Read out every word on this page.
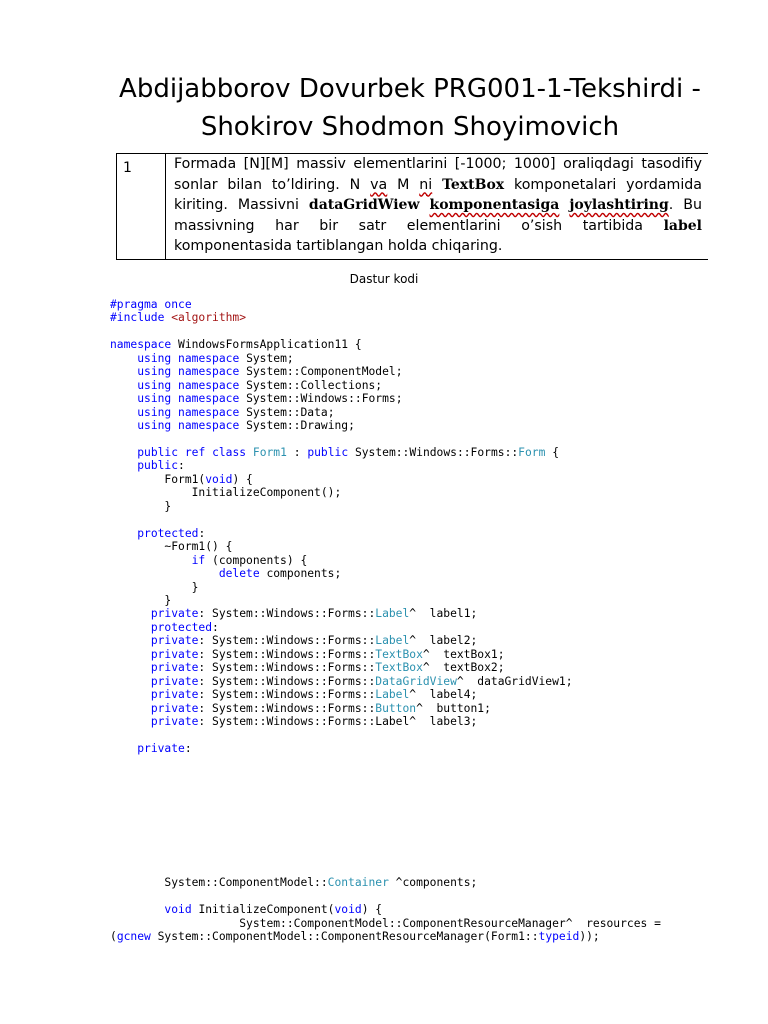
Abdijabborov Dovurbek PRG001-1-Tekshirdi -
Shokirov Shodmon Shoyimovich
1	Formada [N][M] massiv elementlarini [-1000; 1000] oraliqdagi tasodifiy sonlar bilan to’ldiring. N va M ni TextBox komponetalari yordamida kiriting. Massivni dataGridWiew komponentasiga joylashtiring. Bu massivning har bir satr elementlarini o’sish tartibida label komponentasida tartiblangan holda chiqaring.
Dastur kodi
#pragma once
#include <algorithm>

namespace WindowsFormsApplication11 {
using namespace System;
using namespace System::ComponentModel;
using namespace System::Collections;
using namespace System::Windows::Forms;
using namespace System::Data;
using namespace System::Drawing;

public ref class Form1 : public System::Windows::Forms::Form {
public:
Form1(void) {
InitializeComponent();
}

protected:
~Form1() {
if (components) {
delete components;
}
}
private: System::Windows::Forms::Label^  label1;
protected:
private: System::Windows::Forms::Label^  label2;
private: System::Windows::Forms::TextBox^  textBox1;
private: System::Windows::Forms::TextBox^  textBox2;
private: System::Windows::Forms::DataGridView^  dataGridView1;
private: System::Windows::Forms::Label^  label4;
private: System::Windows::Forms::Button^  button1;
private: System::Windows::Forms::Label^  label3;

private:

System::ComponentModel::Container ^components;

void InitializeComponent(void) {
System::ComponentModel::ComponentResourceManager^  resources =
(gcnew System::ComponentModel::ComponentResourceManager(Form1::typeid));
